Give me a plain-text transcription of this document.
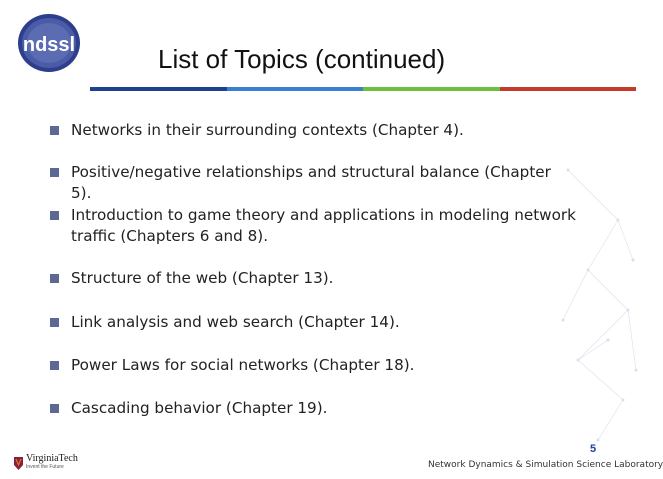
ndssl	List of Topics (continued)
Networks in their surrounding contexts (Chapter 4).
Positive/negative relationships and structural balance (Chapter 5).
Introduction to game theory and applications in modeling network traffic (Chapters 6 and 8).
Structure of the web (Chapter 13).
Link analysis and web search (Chapter 14).
Power Laws for social networks (Chapter 18).
Cascading behavior (Chapter 19).
VirginiaTech
Invent the Future
5
Network Dynamics & Simulation Science Laboratory
